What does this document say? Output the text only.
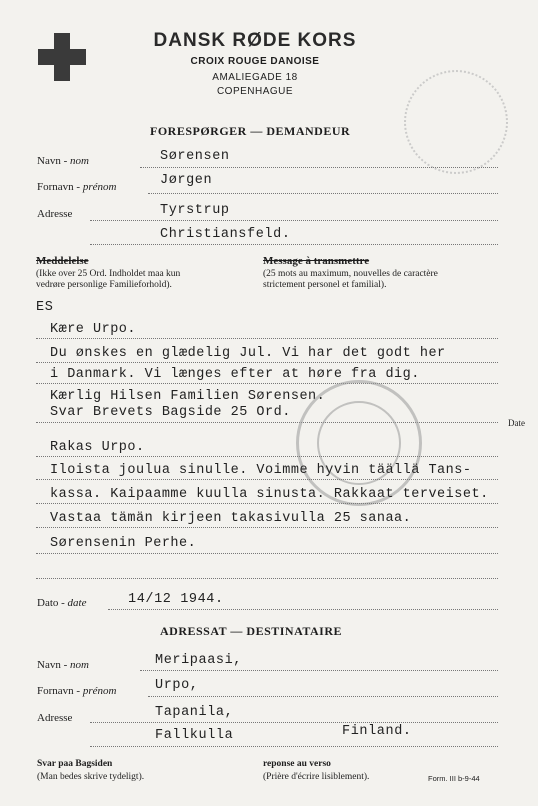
DANSK RØDE KORS
CROIX ROUGE DANOISE
AMALIEGADE 18
COPENHAGUE
FORESPØRGER — DEMANDEUR
Navn - nom	Sørensen
Fornavn - prénom	Jørgen
Adresse	Tyrstrup
Christiansfeld.
Meddelelse
(Ikke over 25 Ord. Indholdet maa kun
vedrøre personlige Familieforhold).
Message à transmettre
(25 mots au maximum, nouvelles de caractère
strictement personel et familial).
ES
Kære Urpo.
Du ønskes en glædelig Jul. Vi har det godt her
i Danmark. Vi længes efter at høre fra dig.
Kærlig Hilsen Familien Sørensen.
Svar Brevets Bagside 25 Ord.
Date
Rakas Urpo.
Iloista joulua sinulle. Voimme hyvin täällä Tans-
kassa. Kaipaamme kuulla sinusta. Rakkaat terveiset.
Vastaa tämän kirjeen takasivulla 25 sanaa.
Sørensenin Perhe.
Dato - date	14/12 1944.
ADRESSAT — DESTINATAIRE
Navn - nom	Meripaasi,
Fornavn - prénom	Urpo,
Adresse	Tapanila,
Fallkulla	Finland.
Svar paa Bagsiden
(Man bedes skrive tydeligt).
reponse au verso
(Prière d'écrire lisiblement).	Form. III b-9-44
